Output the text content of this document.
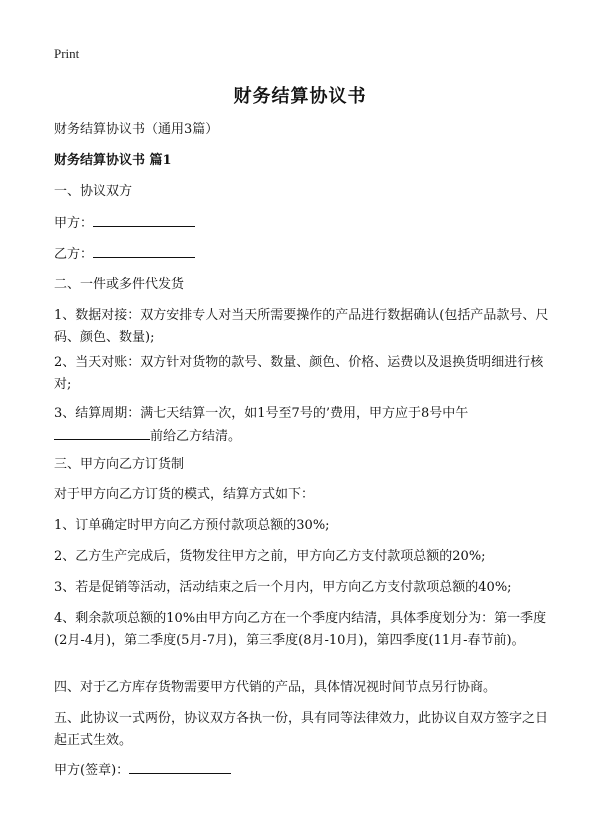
Print
财务结算协议书

财务结算协议书（通用3篇）

财务结算协议书 篇1

一、协议双方

甲方：

乙方：

二、一件或多件代发货

1、数据对接：双方安排专人对当天所需要操作的产品进行数据确认(包括产品款号、尺码、颜色、数量);

2、当天对账：双方针对货物的款号、数量、颜色、价格、运费以及退换货明细进行核对;

3、结算周期：满七天结算一次，如1号至7号的’费用，甲方应于8号中午
前给乙方结清。

三、甲方向乙方订货制

对于甲方向乙方订货的模式，结算方式如下：

1、订单确定时甲方向乙方预付款项总额的30%;

2、乙方生产完成后，货物发往甲方之前，甲方向乙方支付款项总额的20%;

3、若是促销等活动，活动结束之后一个月内，甲方向乙方支付款项总额的40%;

4、剩余款项总额的10%由甲方向乙方在一个季度内结清，具体季度划分为：第一季度(2月-4月)，第二季度(5月-7月)，第三季度(8月-10月)，第四季度(11月-春节前)。

四、对于乙方库存货物需要甲方代销的产品，具体情况视时间节点另行协商。

五、此协议一式两份，协议双方各执一份，具有同等法律效力，此协议自双方签字之日起正式生效。

甲方(签章)：
